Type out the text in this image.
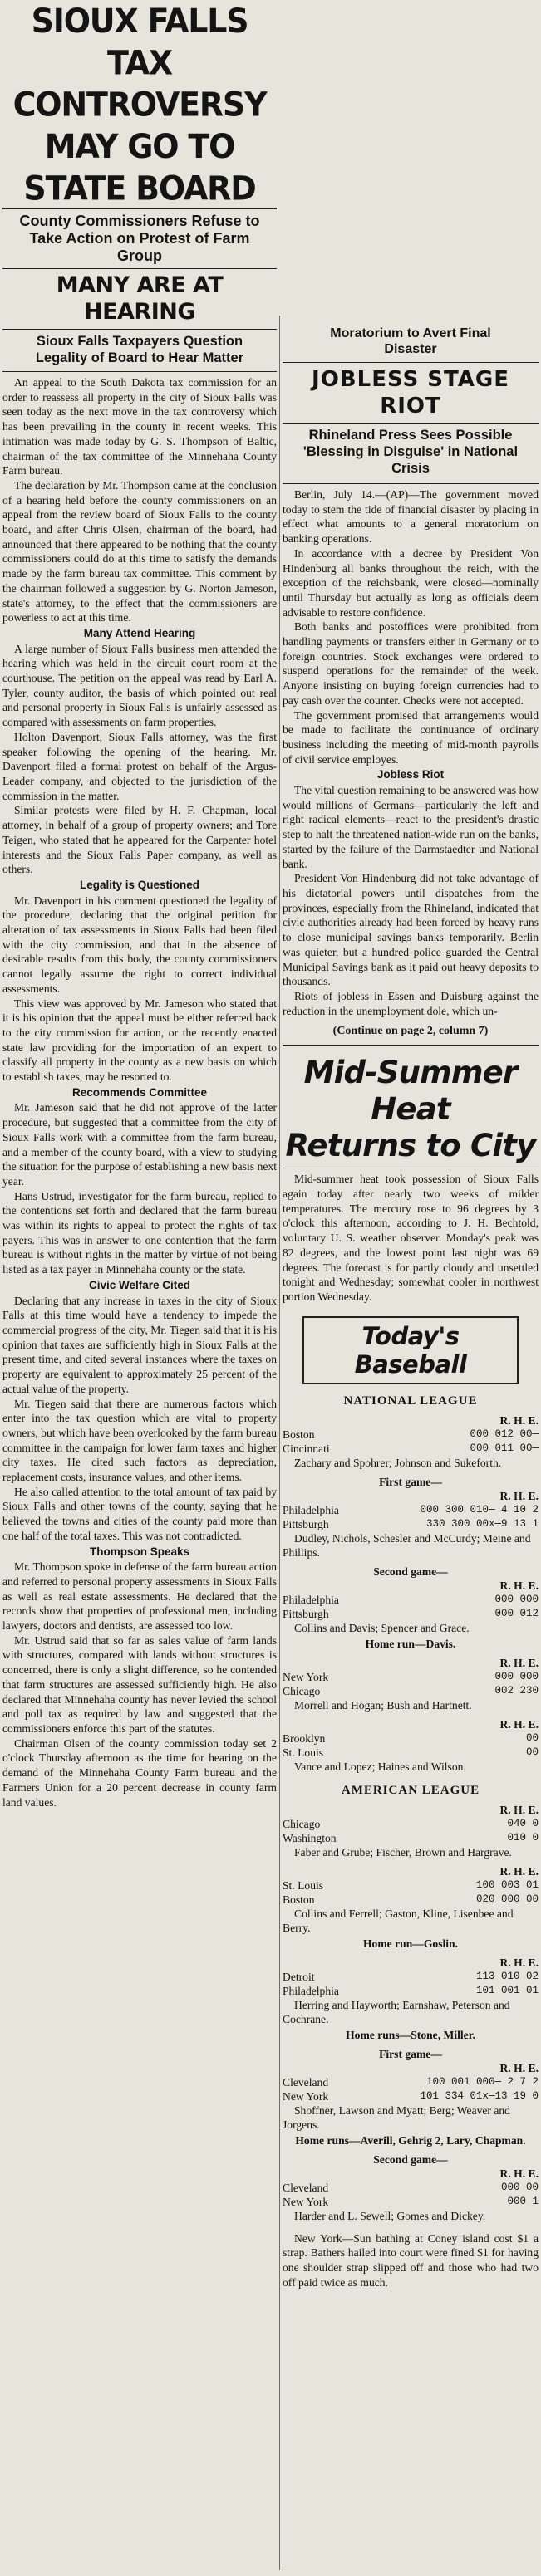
SIOUX FALLS TAX CONTROVERSY MAY GO TO STATE BOARD
County Commissioners Refuse to Take Action on Protest of Farm Group
MANY ARE AT HEARING
Sioux Falls Taxpayers Question Legality of Board to Hear Matter

An appeal to the South Dakota tax commission for an order to reassess all property in the city of Sioux Falls was seen today as the next move in the tax controversy which has been prevailing in the county in recent weeks. This intimation was made today by G. S. Thompson of Baltic, chairman of the tax committee of the Minnehaha County Farm bureau.

The declaration by Mr. Thompson came at the conclusion of a hearing held before the county commissioners on an appeal from the review board of Sioux Falls to the county board, and after Chris Olsen, chairman of the board, had announced that there appeared to be nothing that the county commissioners could do at this time to satisfy the demands made by the farm bureau tax committee. This comment by the chairman followed a suggestion by G. Norton Jameson, state's attorney, to the effect that the commissioners are powerless to act at this time.

Many Attend Hearing

A large number of Sioux Falls business men attended the hearing which was held in the circuit court room at the courthouse. The petition on the appeal was read by Earl A. Tyler, county auditor, the basis of which pointed out real and personal property in Sioux Falls is unfairly assessed as compared with assessments on farm properties.

Holton Davenport, Sioux Falls attorney, was the first speaker following the opening of the hearing. Mr. Davenport filed a formal protest on behalf of the Argus-Leader company, and objected to the jurisdiction of the commission in the matter.

Similar protests were filed by H. F. Chapman, local attorney, in behalf of a group of property owners; and Tore Teigen, who stated that he appeared for the Carpenter hotel interests and the Sioux Falls Paper company, as well as others.

Legality is Questioned

Mr. Davenport in his comment questioned the legality of the procedure, declaring that the original petition for alteration of tax assessments in Sioux Falls had been filed with the city commission, and that in the absence of desirable results from this body, the county commissioners cannot legally assume the right to correct individual assessments.

This view was approved by Mr. Jameson who stated that it is his opinion that the appeal must be either referred back to the city commission for action, or the recently enacted state law providing for the importation of an expert to classify all property in the county as a new basis on which to establish taxes, may be resorted to.

Recommends Committee

Mr. Jameson said that he did not approve of the latter procedure, but suggested that a committee from the city of Sioux Falls work with a committee from the farm bureau, and a member of the county board, with a view to studying the situation for the purpose of establishing a new basis next year.

Hans Ustrud, investigator for the farm bureau, replied to the contentions set forth and declared that the farm bureau was within its rights to appeal to protect the rights of tax payers. This was in answer to one contention that the farm bureau is without rights in the matter by virtue of not being listed as a tax payer in Minnehaha county or the state.

Civic Welfare Cited

Declaring that any increase in taxes in the city of Sioux Falls at this time would have a tendency to impede the commercial progress of the city, Mr. Tiegen said that it is his opinion that taxes are sufficiently high in Sioux Falls at the present time, and cited several instances where the taxes on property are equivalent to approximately 25 percent of the actual value of the property.

Mr. Tiegen said that there are numerous factors which enter into the tax question which are vital to property owners, but which have been overlooked by the farm bureau committee in the campaign for lower farm taxes and higher city taxes. He cited such factors as depreciation, replacement costs, insurance values, and other items.

He also called attention to the total amount of tax paid by Sioux Falls and other towns of the county, saying that he believed the towns and cities of the county paid more than one half of the total taxes. This was not contradicted.

Thompson Speaks

Mr. Thompson spoke in defense of the farm bureau action and referred to personal property assessments in Sioux Falls as well as real estate assessments. He declared that the records show that properties of professional men, including lawyers, doctors and dentists, are assessed too low.

Mr. Ustrud said that so far as sales value of farm lands with structures, compared with lands without structures is concerned, there is only a slight difference, so he contended that farm structures are assessed sufficiently high. He also declared that Minnehaha county has never levied the school and poll tax as required by law and suggested that the commissioners enforce this part of the statutes.

Chairman Olsen of the county commission today set 2 o'clock Thursday afternoon as the time for hearing on the demand of the Minnehaha County Farm bureau and the Farmers Union for a 20 percent decrease in county farm land values.

Moratorium to Avert Final
Disaster
JOBLESS STAGE RIOT
Rhineland Press Sees Possible 'Blessing in Disguise' in National Crisis

Berlin, July 14.—(AP)—The government moved today to stem the tide of financial disaster by placing in effect what amounts to a general moratorium on banking operations.

In accordance with a decree by President Von Hindenburg all banks throughout the reich, with the exception of the reichsbank, were closed—nominally until Thursday but actually as long as officials deem advisable to restore confidence.

Both banks and postoffices were prohibited from handling payments or transfers either in Germany or to foreign countries. Stock exchanges were ordered to suspend operations for the remainder of the week. Anyone insisting on buying foreign currencies had to pay cash over the counter. Checks were not accepted.

The government promised that arrangements would be made to facilitate the continuance of ordinary business including the meeting of mid-month payrolls of civil service employes.

Jobless Riot

The vital question remaining to be answered was how would millions of Germans—particularly the left and right radical elements—react to the president's drastic step to halt the threatened nation-wide run on the banks, started by the failure of the Darmstaedter und National bank.

President Von Hindenburg did not take advantage of his dictatorial powers until dispatches from the provinces, especially from the Rhineland, indicated that civic authorities already had been forced by heavy runs to close municipal savings banks temporarily. Berlin was quieter, but a hundred police guarded the Central Municipal Savings bank as it paid out heavy deposits to thousands.

Riots of jobless in Essen and Duisburg against the reduction in the unemployment dole, which un-

(Continue on page 2, column 7)
Mid-Summer Heat
Returns to City

Mid-summer heat took possession of Sioux Falls again today after nearly two weeks of milder temperatures. The mercury rose to 96 degrees by 3 o'clock this afternoon, according to J. H. Bechtold, voluntary U. S. weather observer. Monday's peak was 82 degrees, and the lowest point last night was 69 degrees. The forecast is for partly cloudy and unsettled tonight and Wednesday; somewhat cooler in northwest portion Wednesday.

Today's Baseball
NATIONAL LEAGUE
R. H. E.
Boston	000 012 00—
Cincinnati	000 011 00—

Zachary and Spohrer; Johnson and Sukeforth.

First game—
R. H. E.
Philadelphia	000 300 010— 4 10 2
Pittsburgh	330 300 00x—9 13 1

Dudley, Nichols, Schesler and McCurdy; Meine and Phillips.

Second game—
R. H. E.
Philadelphia	000 000
Pittsburgh	000 012

Collins and Davis; Spencer and Grace.

Home run—Davis.
R. H. E.
New York	000 000
Chicago	002 230

Morrell and Hogan; Bush and Hartnett.

R. H. E.
Brooklyn	00
St. Louis	00

Vance and Lopez; Haines and Wilson.

AMERICAN LEAGUE
R. H. E.
Chicago	040 0
Washington	010 0

Faber and Grube; Fischer, Brown and Hargrave.

R. H. E.
St. Louis	100 003 01
Boston	020 000 00

Collins and Ferrell; Gaston, Kline, Lisenbee and Berry.

Home run—Goslin.
R. H. E.
Detroit	113 010 02
Philadelphia	101 001 01

Herring and Hayworth; Earnshaw, Peterson and Cochrane.

Home runs—Stone, Miller.
First game—
R. H. E.
Cleveland	100 001 000— 2 7 2
New York	101 334 01x—13 19 0

Shoffner, Lawson and Myatt; Berg; Weaver and Jorgens.

Home runs—Averill, Gehrig 2, Lary, Chapman.
Second game—
R. H. E.
Cleveland	000 00
New York	000 1

Harder and L. Sewell; Gomes and Dickey.

New York—Sun bathing at Coney island cost $1 a strap. Bathers hailed into court were fined $1 for having one shoulder strap slipped off and those who had two off paid twice as much.
